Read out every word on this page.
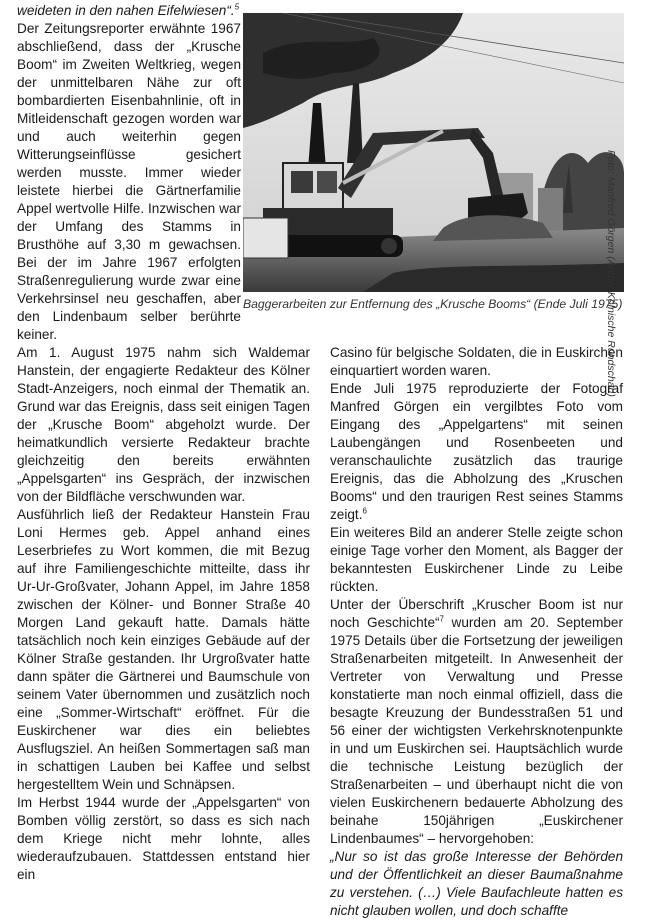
weideten in den nahen Eifelwiesen“.$^5$

Der Zeitungsreporter erwähnte 1967 abschließend, dass der „Krusche Boom“ im Zweiten Weltkrieg, wegen der unmittelbaren Nähe zur oft bombardierten Eisenbahnlinie, oft in Mitleidenschaft gezogen worden war und auch weiterhin gegen Witterungseinflüsse gesichert werden musste. Immer wieder leistete hierbei die Gärtnerfamilie Appel wertvolle Hilfe. Inzwischen war der Umfang des Stamms in Brusthöhe auf 3,30 m gewachsen. Bei der im Jahre 1967 erfolgten Straßenregulierung wurde zwar eine Verkehrsinsel neu geschaffen, aber den Lindenbaum selber berührte keiner.	Foto: Manfred Görgen (Archiv Kölnische Rundschau)
Baggerarbeiten zur Entfernung des „Krusche Booms“ (Ende Juli 1975)

Am 1. August 1975 nahm sich Waldemar Hanstein, der engagierte Redakteur des Kölner Stadt-Anzeigers, noch einmal der Thematik an. Grund war das Ereignis, dass seit einigen Tagen der „Krusche Boom“ abgeholzt wurde. Der heimatkundlich versierte Redakteur brachte gleichzeitig den bereits erwähnten „Appelsgarten“ ins Gespräch, der inzwischen von der Bildfläche verschwunden war.

Ausführlich ließ der Redakteur Hanstein Frau Loni Hermes geb. Appel anhand eines Leserbriefes zu Wort kommen, die mit Bezug auf ihre Familiengeschichte mitteilte, dass ihr Ur-Ur-Großvater, Johann Appel, im Jahre 1858 zwischen der Kölner- und Bonner Straße 40 Morgen Land gekauft hatte. Damals hätte tatsächlich noch kein einziges Gebäude auf der Kölner Straße gestanden. Ihr Urgroßvater hatte dann später die Gärtnerei und Baumschule von seinem Vater übernommen und zusätzlich noch eine „Sommer-Wirtschaft“ eröffnet. Für die Euskirchener war dies ein beliebtes Ausflugsziel. An heißen Sommertagen saß man in schattigen Lauben bei Kaffee und selbst hergestelltem Wein und Schnäpsen.

Im Herbst 1944 wurde der „Appelsgarten“ von Bomben völlig zerstört, so dass es sich nach dem Kriege nicht mehr lohnte, alles wiederaufzubauen. Stattdessen entstand hier ein

Casino für belgische Soldaten, die in Euskirchen einquartiert worden waren.

Ende Juli 1975 reproduzierte der Fotograf Manfred Görgen ein vergilbtes Foto vom Eingang des „Appelgartens“ mit seinen Laubengängen und Rosenbeeten und veranschaulichte zusätzlich das traurige Ereignis, das die Abholzung des „Kruschen Booms“ und den traurigen Rest seines Stamms zeigt.$^6$

Ein weiteres Bild an anderer Stelle zeigte schon einige Tage vorher den Moment, als Bagger der bekanntesten Euskirchener Linde zu Leibe rückten.

Unter der Überschrift „Kruscher Boom ist nur noch Geschichte“$^7$ wurden am 20. September 1975 Details über die Fortsetzung der jeweiligen Straßenarbeiten mitgeteilt. In Anwesenheit der Vertreter von Verwaltung und Presse konstatierte man noch einmal offiziell, dass die besagte Kreuzung der Bundesstraßen 51 und 56 einer der wichtigsten Verkehrsknotenpunkte in und um Euskirchen sei. Hauptsächlich wurde die technische Leistung bezüglich der Straßenarbeiten – und überhaupt nicht die von vielen Euskirchenern bedauerte Abholzung des beinahe 150jährigen „Euskirchener Lindenbaumes“ – hervorgehoben:

„Nur so ist das große Interesse der Behörden und der Öffentlichkeit an dieser Baumaßnahme zu verstehen. (…) Viele Baufachleute hatten es nicht glauben wollen, und doch schaffte
